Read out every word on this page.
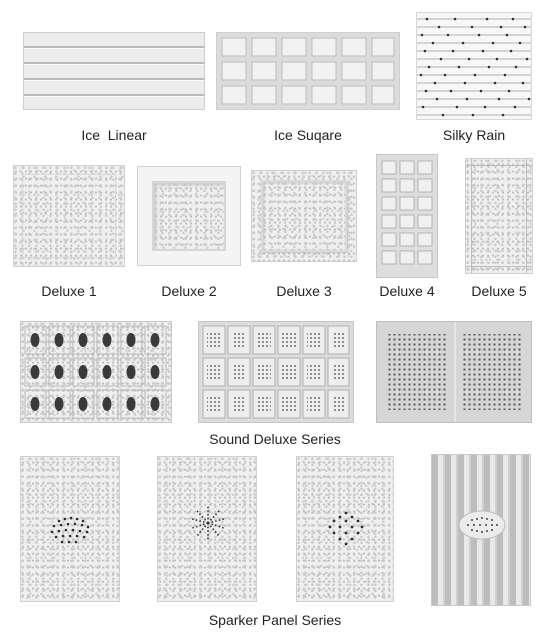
Ice  Linear	Ice Suqare	Silky Rain
Deluxe 1	Deluxe 2	Deluxe 3	Deluxe 4	Deluxe 5
Sound Deluxe Series
Sparker Panel Series
